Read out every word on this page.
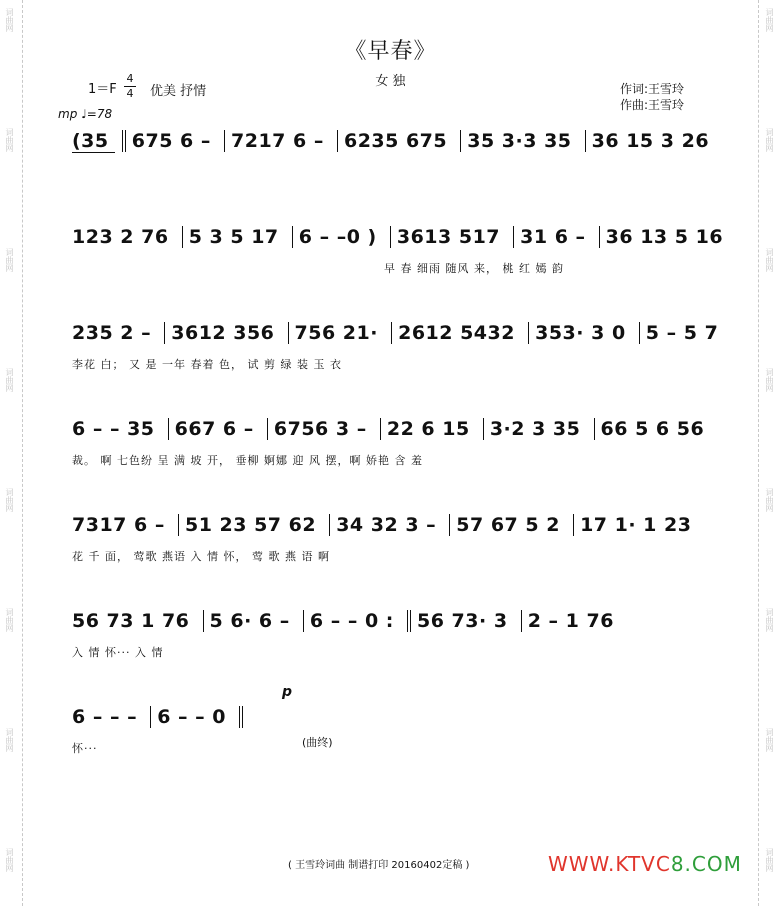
词曲网
词曲网
词曲网
词曲网
词曲网
词曲网
词曲网
词曲网
词曲网
词曲网
词曲网
词曲网
词曲网
词曲网
词曲网
词曲网
《早春》
女 独
1＝F
4
4 优美 抒情
mp ♩=78
作词:王雪玲
作曲:王雪玲
(35 675 6 – 7217 6 – 6235 675 35 3·3 35 36 15 3 26
123 2 76 5 3 5 17 6 – –0 ) 3613 517 31 6 – 36 13 5 16
早 春 细雨 随风 来， 桃 红 嫣 韵
235 2 – 3612 356 756 21· 2612 5432 353· 3 0 5 – 5 7
李花 白； 又 是 一年 春着 色， 试 剪 绿 装 玉 衣
6 – – 35 667 6 – 6756 3 – 22 6 15 3·2 3 35 66 5 6 56
裁。 啊 七色纷 呈 满 坡 开， 垂柳 婀娜 迎 风 摆，啊 娇艳 含 羞
7317 6 – 51 23 57 62 34 32 3 – 57 67 5 2 17 1· 1 23
花 千 面， 莺歌 燕语 入 情 怀， 莺 歌 燕 语 啊
56 73 1 76 5 6· 6 – 6 – – 0 : 56 73· 3 2 – 1 76
入 情 怀··· 入 情
6 – – – 6 – – 0
怀···
p
(曲终)
( 王雪玲词曲 制谱打印 20160402定稿 )	WWW.KTVC8.COM
